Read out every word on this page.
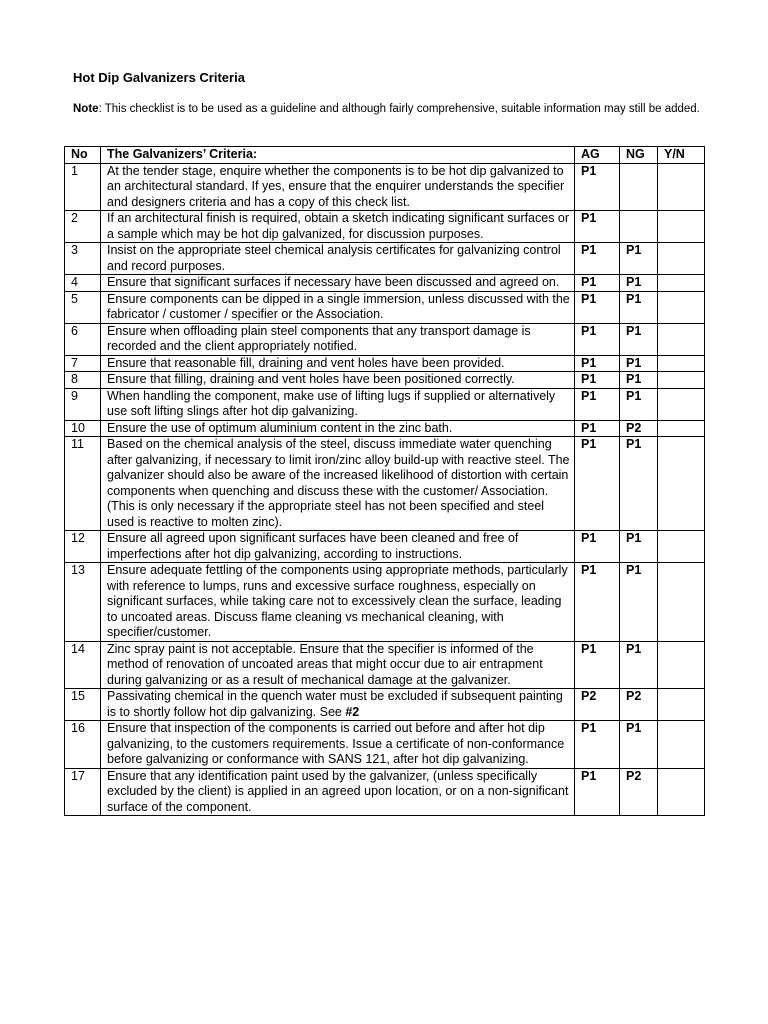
Hot Dip Galvanizers Criteria
Note: This checklist is to be used as a guideline and although fairly comprehensive, suitable information may still be added.
No	The Galvanizers’ Criteria:	AG	NG	Y/N
1	At the tender stage, enquire whether the components is to be hot dip galvanized to an architectural standard. If yes, ensure that the enquirer understands the specifier and designers criteria and has a copy of this check list.	P1		
2	If an architectural finish is required, obtain a sketch indicating significant surfaces or a sample which may be hot dip galvanized, for discussion purposes.	P1		
3	Insist on the appropriate steel chemical analysis certificates for galvanizing control and record purposes.	P1	P1	
4	Ensure that significant surfaces if necessary have been discussed and agreed on.	P1	P1	
5	Ensure components can be dipped in a single immersion, unless discussed with the fabricator / customer / specifier or the Association.	P1	P1	
6	Ensure when offloading plain steel components that any transport damage is recorded and the client appropriately notified.	P1	P1	
7	Ensure that reasonable fill, draining and vent holes have been provided.	P1	P1	
8	Ensure that filling, draining and vent holes have been positioned correctly.	P1	P1	
9	When handling the component, make use of lifting lugs if supplied or alternatively use soft lifting slings after hot dip galvanizing.	P1	P1	
10	Ensure the use of optimum aluminium content in the zinc bath.	P1	P2	
11	Based on the chemical analysis of the steel, discuss immediate water quenching after galvanizing, if necessary to limit iron/zinc alloy build-up with reactive steel. The galvanizer should also be aware of the increased likelihood of distortion with certain components when quenching and discuss these with the customer/ Association. (This is only necessary if the appropriate steel has not been specified and steel used is reactive to molten zinc).	P1	P1	
12	Ensure all agreed upon significant surfaces have been cleaned and free of imperfections after hot dip galvanizing, according to instructions.	P1	P1	
13	Ensure adequate fettling of the components using appropriate methods, particularly with reference to lumps, runs and excessive surface roughness, especially on significant surfaces, while taking care not to excessively clean the surface, leading to uncoated areas. Discuss flame cleaning vs mechanical cleaning, with specifier/customer.	P1	P1	
14	Zinc spray paint is not acceptable. Ensure that the specifier is informed of the method of renovation of uncoated areas that might occur due to air entrapment during galvanizing or as a result of mechanical damage at the galvanizer.	P1	P1	
15	Passivating chemical in the quench water must be excluded if subsequent painting is to shortly follow hot dip galvanizing. See #2	P2	P2	
16	Ensure that inspection of the components is carried out before and after hot dip galvanizing, to the customers requirements. Issue a certificate of non-conformance before galvanizing or conformance with SANS 121, after hot dip galvanizing.	P1	P1	
17	Ensure that any identification paint used by the galvanizer, (unless specifically excluded by the client) is applied in an agreed upon location, or on a non-significant surface of the component.	P1	P2	
